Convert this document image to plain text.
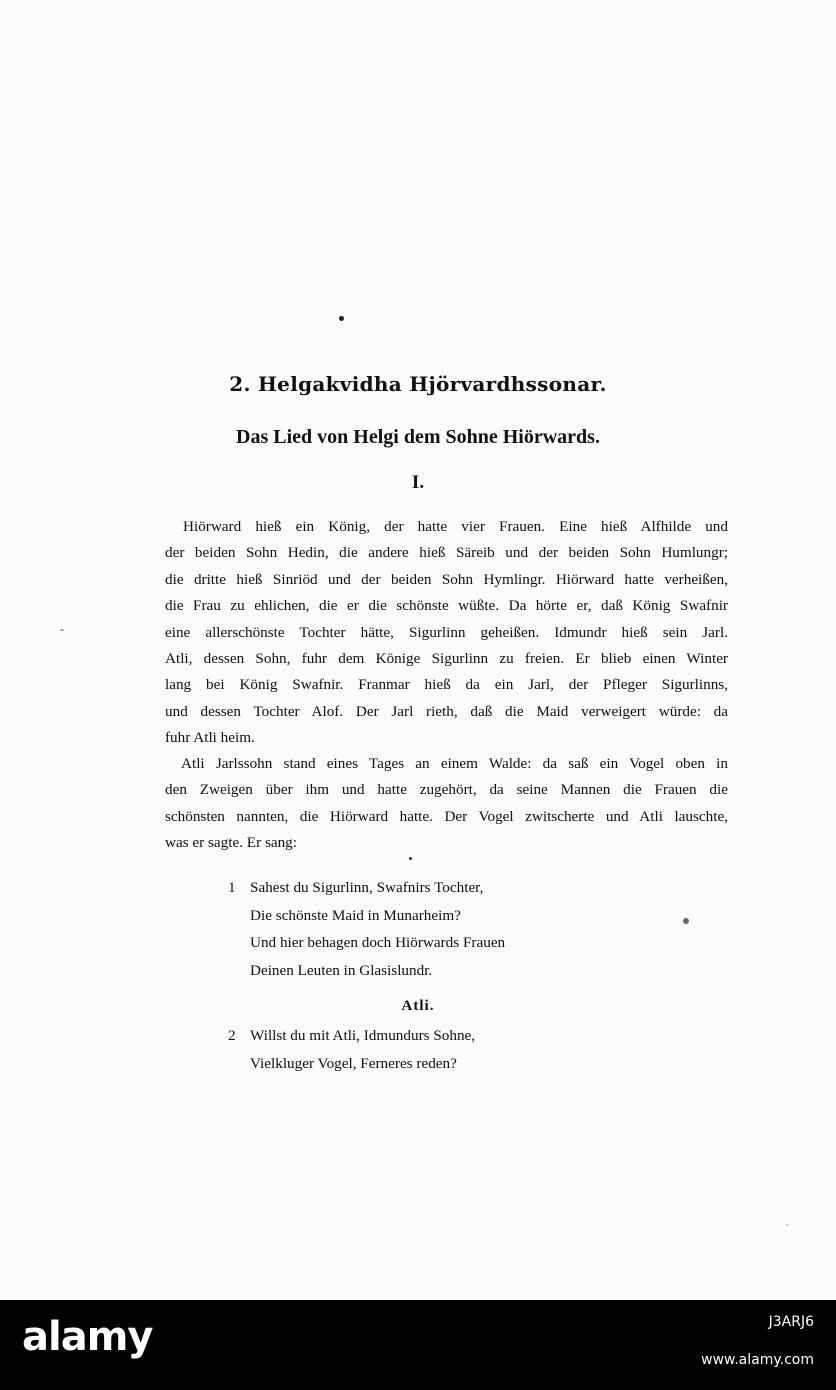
-
ˌ
2. Helgakvidha Hjörvardhssonar.
Das Lied von Helgi dem Sohne Hiörwards.
I.
Hiörward hieß ein König, der hatte vier Frauen. Eine hieß Alfhilde und
der beiden Sohn Hedin, die andere hieß Säreib und der beiden Sohn Humlungr;
die dritte hieß Sinriöd und der beiden Sohn Hymlingr. Hiörward hatte verheißen,
die Frau zu ehlichen, die er die schönste wüßte. Da hörte er, daß König Swafnir
eine allerschönste Tochter hätte, Sigurlinn geheißen. Idmundr hieß sein Jarl.
Atli, dessen Sohn, fuhr dem Könige Sigurlinn zu freien. Er blieb einen Winter
lang bei König Swafnir. Franmar hieß da ein Jarl, der Pfleger Sigurlinns,
und dessen Tochter Alof. Der Jarl rieth, daß die Maid verweigert würde: da
fuhr Atli heim.
Atli Jarlssohn stand eines Tages an einem Walde: da saß ein Vogel oben in
den Zweigen über ihm und hatte zugehört, da seine Mannen die Frauen die
schönsten nannten, die Hiörward hatte. Der Vogel zwitscherte und Atli lauschte,
was er sagte. Er sang:
1 Sahest du Sigurlinn, Swafnirs Tochter,
Die schönste Maid in Munarheim?
Und hier behagen doch Hiörwards Frauen
Deinen Leuten in Glasislundr.
Atli.
2 Willst du mit Atli, Idmundurs Sohne,
Vielkluger Vogel, Ferneres reden?
alamy	J3ARJ6
www.alamy.com
